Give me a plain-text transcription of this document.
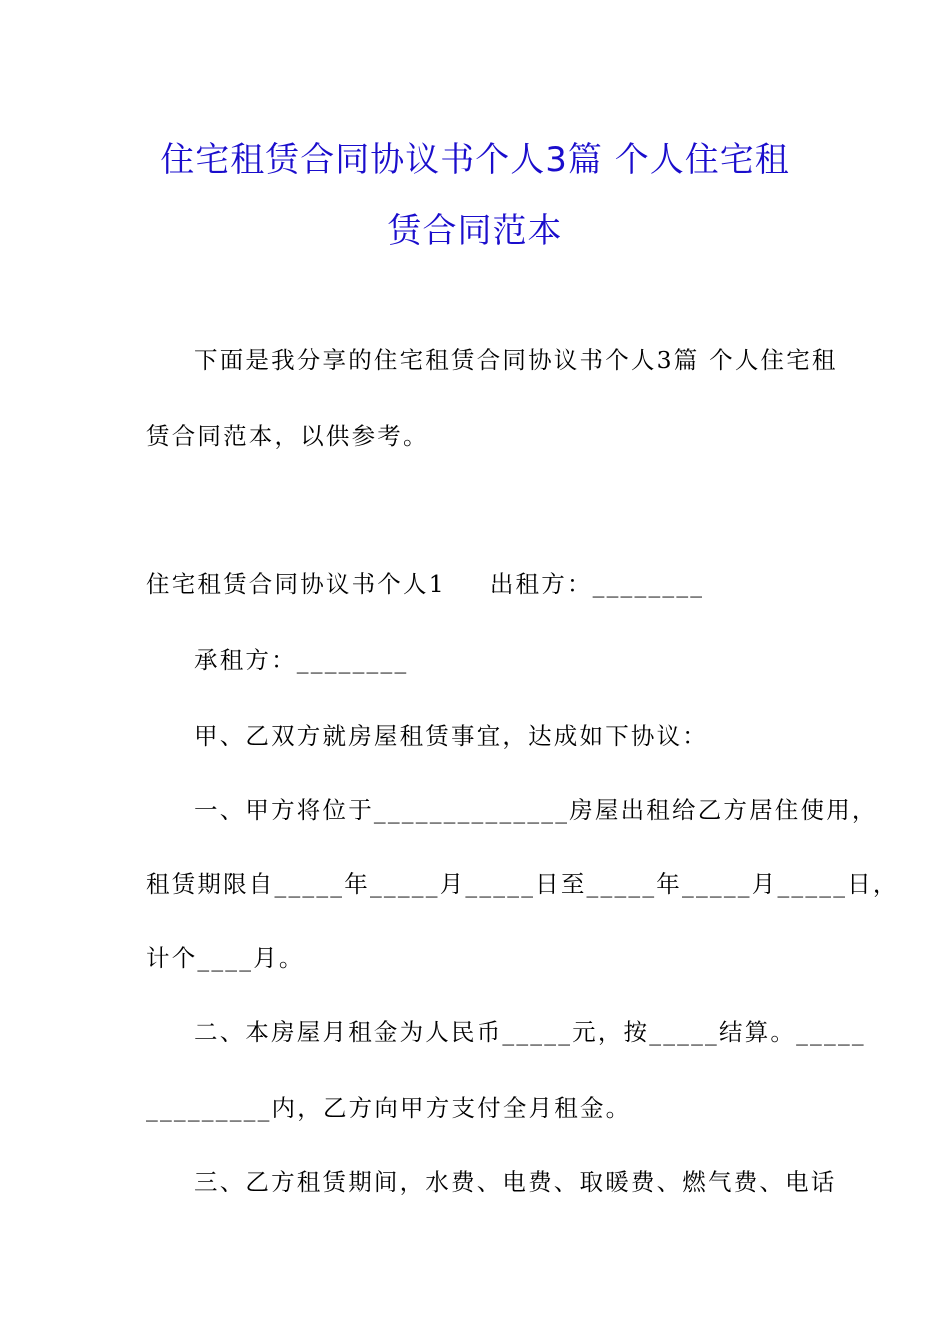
住宅租赁合同协议书个人3篇 个人住宅租
赁合同范本
下面是我分享的住宅租赁合同协议书个人3篇 个人住宅租
赁合同范本，以供参考。
住宅租赁合同协议书个人1 出租方：________
承租方：________
甲、乙双方就房屋租赁事宜，达成如下协议：
一、甲方将位于______________房屋出租给乙方居住使用，
租赁期限自_____年_____月_____日至_____年_____月_____日，
计个____月。
二、本房屋月租金为人民币_____元，按_____结算。_____
_________内，乙方向甲方支付全月租金。
三、乙方租赁期间，水费、电费、取暖费、燃气费、电话
